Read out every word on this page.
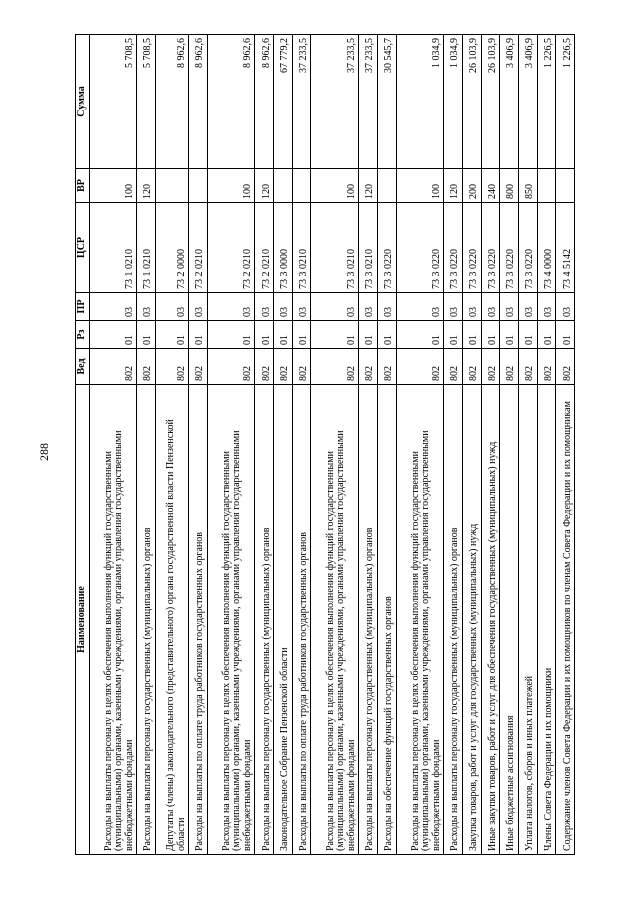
288
Наименование	Вед	Рз	ПР	ЦСР	ВР	Сумма
Расходы на выплаты персоналу в целях обеспечения выполнения функций государственными (муниципальными) органами, казенными учреждениями, органами управления государственными внебюджетными фондами	802	01	03	73 1 0210	100	5 708,5
Расходы на выплаты персоналу государственных (муниципальных) органов	802	01	03	73 1 0210	120	5 708,5
Депутаты (члены) законодательного (представительного) органа государственной власти Пензенской области	802	01	03	73 2 0000		8 962,6
Расходы на выплаты по оплате труда работников государственных органов	802	01	03	73 2 0210		8 962,6
Расходы на выплаты персоналу в целях обеспечения выполнения функций государственными (муниципальными) органами, казенными учреждениями, органами управления государственными внебюджетными фондами	802	01	03	73 2 0210	100	8 962,6
Расходы на выплаты персоналу государственных (муниципальных) органов	802	01	03	73 2 0210	120	8 962,6
Законодательное Собрание Пензенской области	802	01	03	73 3 0000		67 779,2
Расходы на выплаты по оплате труда работников государственных органов	802	01	03	73 3 0210		37 233,5
Расходы на выплаты персоналу в целях обеспечения выполнения функций государственными (муниципальными) органами, казенными учреждениями, органами управления государственными внебюджетными фондами	802	01	03	73 3 0210	100	37 233,5
Расходы на выплаты персоналу государственных (муниципальных) органов	802	01	03	73 3 0210	120	37 233,5
Расходы на обеспечение функций государственных органов	802	01	03	73 3 0220		30 545,7
Расходы на выплаты персоналу в целях обеспечения выполнения функций государственными (муниципальными) органами, казенными учреждениями, органами управления государственными внебюджетными фондами	802	01	03	73 3 0220	100	1 034,9
Расходы на выплаты персоналу государственных (муниципальных) органов	802	01	03	73 3 0220	120	1 034,9
Закупка товаров, работ и услуг для государственных (муниципальных) нужд	802	01	03	73 3 0220	200	26 103,9
Иные закупки товаров, работ и услуг для обеспечения государственных (муниципальных) нужд	802	01	03	73 3 0220	240	26 103,9
Иные бюджетные ассигнования	802	01	03	73 3 0220	800	3 406,9
Уплата налогов, сборов и иных платежей	802	01	03	73 3 0220	850	3 406,9
Члены Совета Федерации и их помощники	802	01	03	73 4 0000		1 226,5
Содержание членов Совета Федерации и их помощников по членам Совета Федерации и их помощникам	802	01	03	73 4 5142		1 226,5
